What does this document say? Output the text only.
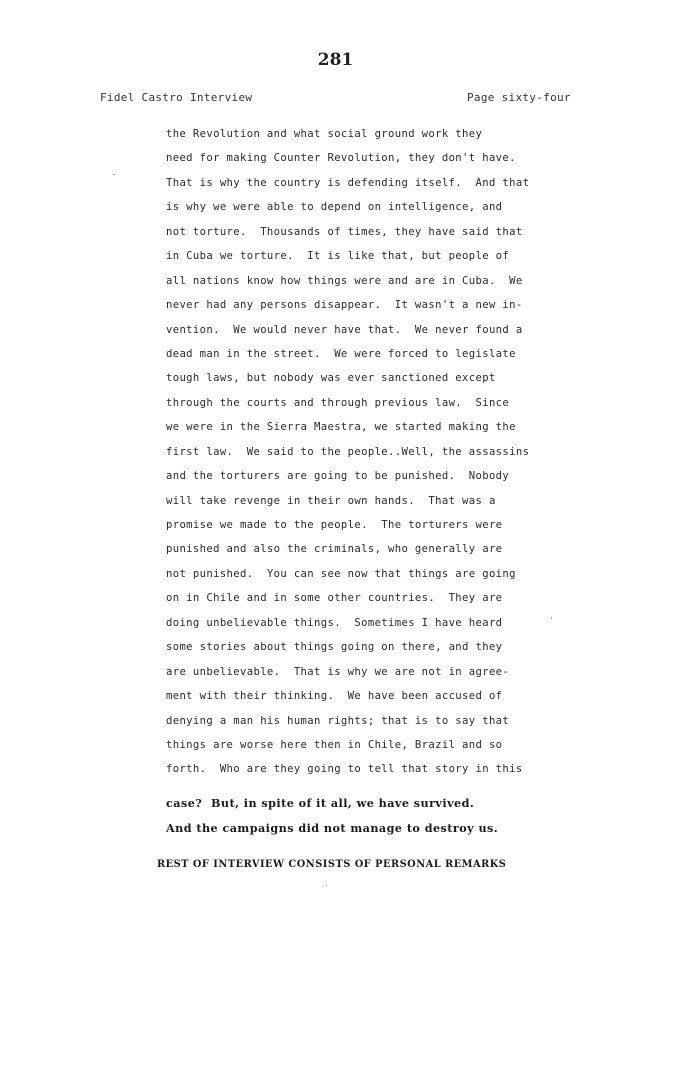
281
Fidel Castro Interview	Page sixty-four
the Revolution and what social ground work they
need for making Counter Revolution, they don't have.
That is why the country is defending itself.  And that
is why we were able to depend on intelligence, and
not torture.  Thousands of times, they have said that
in Cuba we torture.  It is like that, but people of
all nations know how things were and are in Cuba.  We
never had any persons disappear.  It wasn't a new in-
vention.  We would never have that.  We never found a
dead man in the street.  We were forced to legislate
tough laws, but nobody was ever sanctioned except
through the courts and through previous law.  Since
we were in the Sierra Maestra, we started making the
first law.  We said to the people..Well, the assassins
and the torturers are going to be punished.  Nobody
will take revenge in their own hands.  That was a
promise we made to the people.  The torturers were
punished and also the criminals, who generally are
not punished.  You can see now that things are going
on in Chile and in some other countries.  They are
doing unbelievable things.  Sometimes I have heard
some stories about things going on there, and they
are unbelievable.  That is why we are not in agree-
ment with their thinking.  We have been accused of
denying a man his human rights; that is to say that
things are worse here then in Chile, Brazil and so
forth.  Who are they going to tell that story in this
case?  But, in spite of it all, we have survived.
And the campaigns did not manage to destroy us.
REST OF INTERVIEW CONSISTS OF PERSONAL REMARKS
